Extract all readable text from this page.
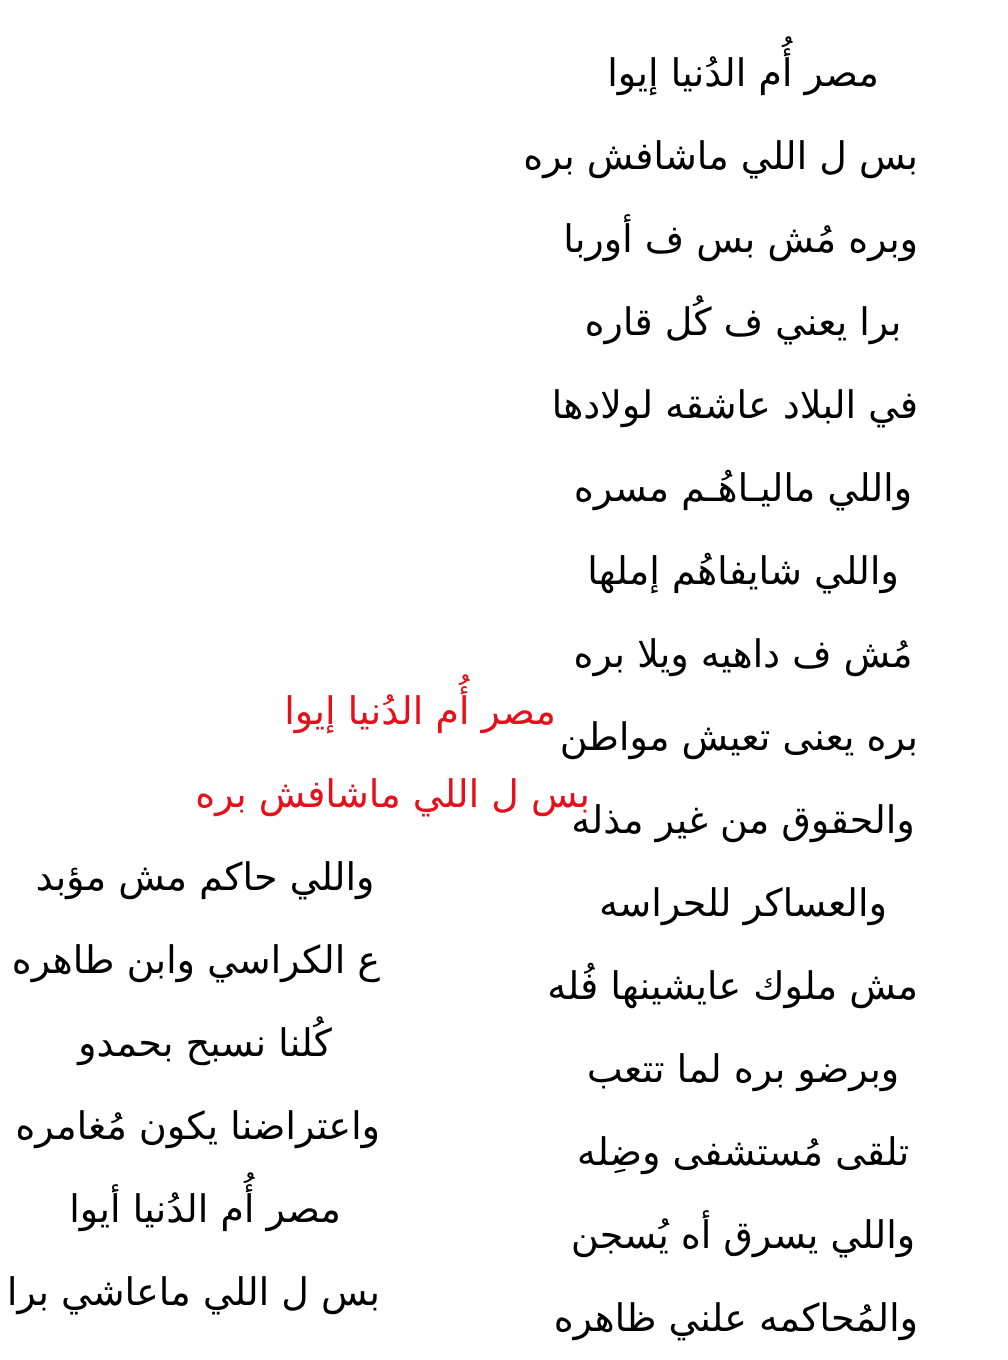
مصر أُم الدُنيا إيوا
بس ل اللي ماشافش بره
وبره مُش بس ف أوربا
برا يعني ف كُل قاره
في البلاد عاشقه لولادها
واللي ماليـاهُـم مسره
واللي شايفاهُم إملها
مُش ف داهيه ويلا بره
بره يعنى تعيش مواطن
والحقوق من غير مذله
والعساكر للحراسه
مش ملوك عايشينها فُله
وبرضو بره لما تتعب
تلقى مُستشفى وضِله
واللي يسرق أه يُسجن
والمُحاكمه علني ظاهره
مصر أُم الدُنيا إيوا
بس ل اللي ماشافش بره
واللي حاكم مش مؤبد
ع الكراسي وابن طاهره
كُلنا نسبح بحمدو
واعتراضنا يكون مُغامره
مصر أُم الدُنيا أيوا
بس ل اللي ماعاشي برا
